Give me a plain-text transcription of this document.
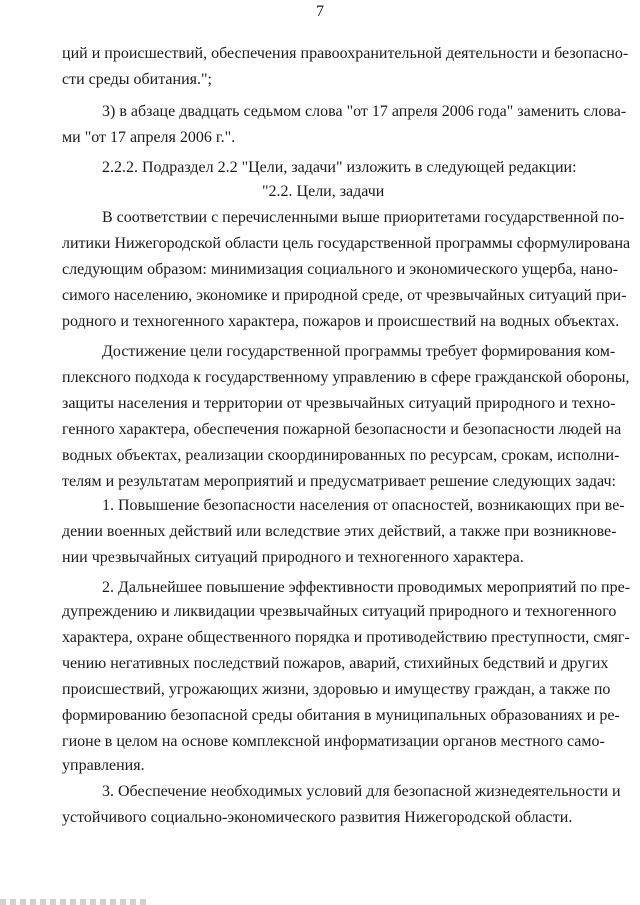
7
ций и происшествий, обеспечения правоохранительной деятельности и безопасно-
сти среды обитания.";
3) в абзаце двадцать седьмом слова "от 17 апреля 2006 года" заменить слова-
ми "от 17 апреля 2006 г.".
2.2.2. Подраздел 2.2 "Цели, задачи" изложить в следующей редакции:
"2.2. Цели, задачи
В соответствии с перечисленными выше приоритетами государственной по-
литики Нижегородской области цель государственной программы сформулирована
следующим образом: минимизация социального и экономического ущерба, нано-
симого населению, экономике и природной среде, от чрезвычайных ситуаций при-
родного и техногенного характера, пожаров и происшествий на водных объектах.
Достижение цели государственной программы требует формирования ком-
плексного подхода к государственному управлению в сфере гражданской обороны,
защиты населения и территории от чрезвычайных ситуаций природного и техно-
генного характера, обеспечения пожарной безопасности и безопасности людей на
водных объектах, реализации скоординированных по ресурсам, срокам, исполни-
телям и результатам мероприятий и предусматривает решение следующих задач:
1. Повышение безопасности населения от опасностей, возникающих при ве-
дении военных действий или вследствие этих действий, а также при возникнове-
нии чрезвычайных ситуаций природного и техногенного характера.
2. Дальнейшее повышение эффективности проводимых мероприятий по пре-
дупреждению и ликвидации чрезвычайных ситуаций природного и техногенного
характера, охране общественного порядка и противодействию преступности, смяг-
чению негативных последствий пожаров, аварий, стихийных бедствий и других
происшествий, угрожающих жизни, здоровью и имуществу граждан, а также по
формированию безопасной среды обитания в муниципальных образованиях и ре-
гионе в целом на основе комплексной информатизации органов местного само-
управления.
3. Обеспечение необходимых условий для безопасной жизнедеятельности и
устойчивого социально-экономического развития Нижегородской области.
